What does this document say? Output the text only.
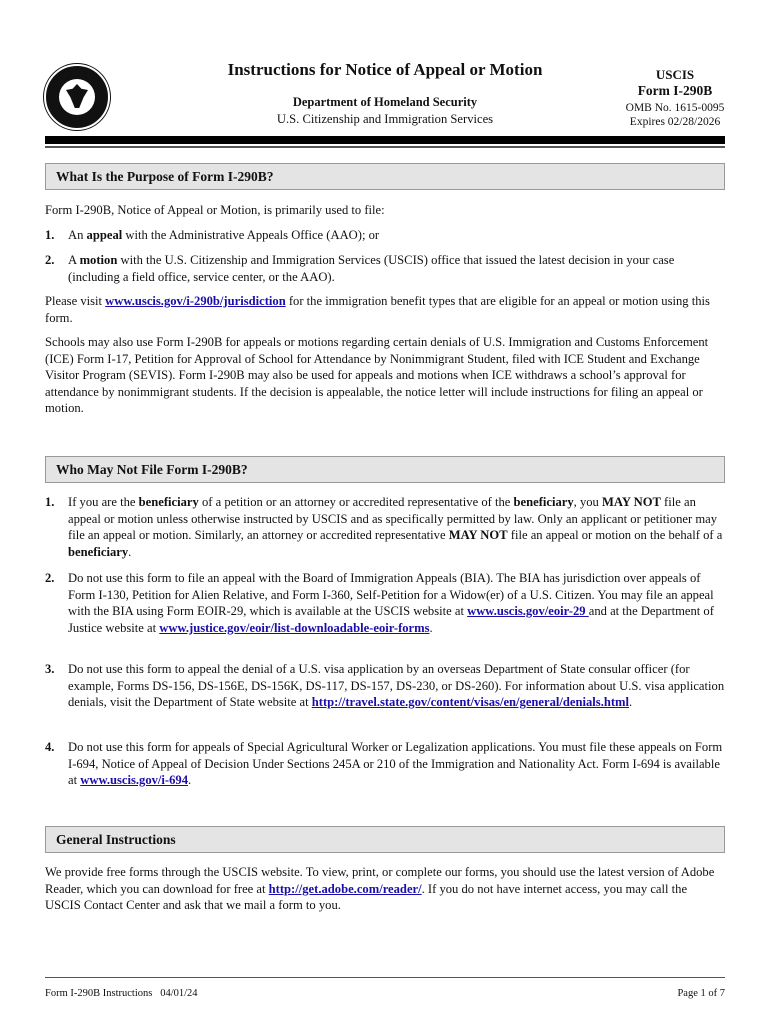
Instructions for Notice of Appeal or Motion
Department of Homeland Security
U.S. Citizenship and Immigration Services
USCIS
Form I-290B
OMB No. 1615-0095
Expires 02/28/2026
What Is the Purpose of Form I-290B?
Form I-290B, Notice of Appeal or Motion, is primarily used to file:
1. An appeal with the Administrative Appeals Office (AAO); or
2. A motion with the U.S. Citizenship and Immigration Services (USCIS) office that issued the latest decision in your case (including a field office, service center, or the AAO).
Please visit www.uscis.gov/i-290b/jurisdiction for the immigration benefit types that are eligible for an appeal or motion using this form.
Schools may also use Form I-290B for appeals or motions regarding certain denials of U.S. Immigration and Customs Enforcement (ICE) Form I-17, Petition for Approval of School for Attendance by Nonimmigrant Student, filed with ICE Student and Exchange Visitor Program (SEVIS). Form I-290B may also be used for appeals and motions when ICE withdraws a school’s approval for attendance by nonimmigrant students. If the decision is appealable, the notice letter will include instructions for filing an appeal or motion.
Who May Not File Form I-290B?
1. If you are the beneficiary of a petition or an attorney or accredited representative of the beneficiary, you MAY NOT file an appeal or motion unless otherwise instructed by USCIS and as specifically permitted by law. Only an applicant or petitioner may file an appeal or motion. Similarly, an attorney or accredited representative MAY NOT file an appeal or motion on the behalf of a beneficiary.
2. Do not use this form to file an appeal with the Board of Immigration Appeals (BIA). The BIA has jurisdiction over appeals of Form I-130, Petition for Alien Relative, and Form I-360, Self-Petition for a Widow(er) of a U.S. Citizen. You may file an appeal with the BIA using Form EOIR-29, which is available at the USCIS website at www.uscis.gov/eoir-29 and at the Department of Justice website at www.justice.gov/eoir/list-downloadable-eoir-forms.
3. Do not use this form to appeal the denial of a U.S. visa application by an overseas Department of State consular officer (for example, Forms DS-156, DS-156E, DS-156K, DS-117, DS-157, DS-230, or DS-260). For information about U.S. visa application denials, visit the Department of State website at http://travel.state.gov/content/visas/en/general/denials.html.
4. Do not use this form for appeals of Special Agricultural Worker or Legalization applications. You must file these appeals on Form I-694, Notice of Appeal of Decision Under Sections 245A or 210 of the Immigration and Nationality Act. Form I-694 is available at www.uscis.gov/i-694.
General Instructions
We provide free forms through the USCIS website. To view, print, or complete our forms, you should use the latest version of Adobe Reader, which you can download for free at http://get.adobe.com/reader/. If you do not have internet access, you may call the USCIS Contact Center and ask that we mail a form to you.
Form I-290B Instructions   04/01/24	Page 1 of 7
